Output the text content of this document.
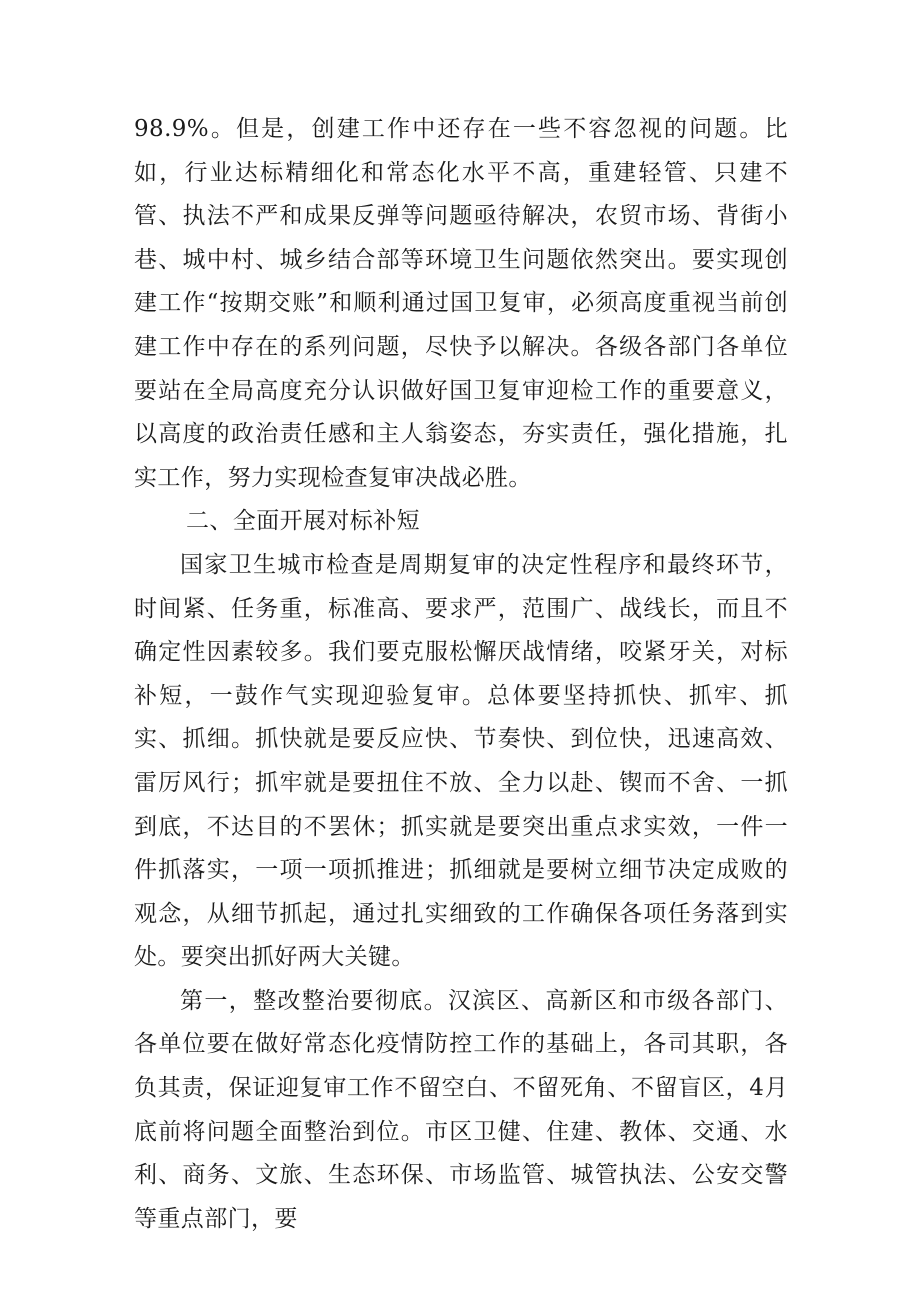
98.9%。但是，创建工作中还存在一些不容忽视的问题。比如，行业达标精细化和常态化水平不高，重建轻管、只建不管、执法不严和成果反弹等问题亟待解决，农贸市场、背街小巷、城中村、城乡结合部等环境卫生问题依然突出。要实现创建工作“按期交账”和顺利通过国卫复审，必须高度重视当前创建工作中存在的系列问题，尽快予以解决。各级各部门各单位要站在全局高度充分认识做好国卫复审迎检工作的重要意义，以高度的政治责任感和主人翁姿态，夯实责任，强化措施，扎实工作，努力实现检查复审决战必胜。

二、全面开展对标补短

国家卫生城市检查是周期复审的决定性程序和最终环节，时间紧、任务重，标准高、要求严，范围广、战线长，而且不确定性因素较多。我们要克服松懈厌战情绪，咬紧牙关，对标补短，一鼓作气实现迎验复审。总体要坚持抓快、抓牢、抓实、抓细。抓快就是要反应快、节奏快、到位快，迅速高效、雷厉风行；抓牢就是要扭住不放、全力以赴、锲而不舍、一抓到底，不达目的不罢休；抓实就是要突出重点求实效，一件一件抓落实，一项一项抓推进；抓细就是要树立细节决定成败的观念，从细节抓起，通过扎实细致的工作确保各项任务落到实处。要突出抓好两大关键。

第一，整改整治要彻底。汉滨区、高新区和市级各部门、各单位要在做好常态化疫情防控工作的基础上，各司其职，各负其责，保证迎复审工作不留空白、不留死角、不留盲区，4月底前将问题全面整治到位。市区卫健、住建、教体、交通、水利、商务、文旅、生态环保、市场监管、城管执法、公安交警等重点部门，要
